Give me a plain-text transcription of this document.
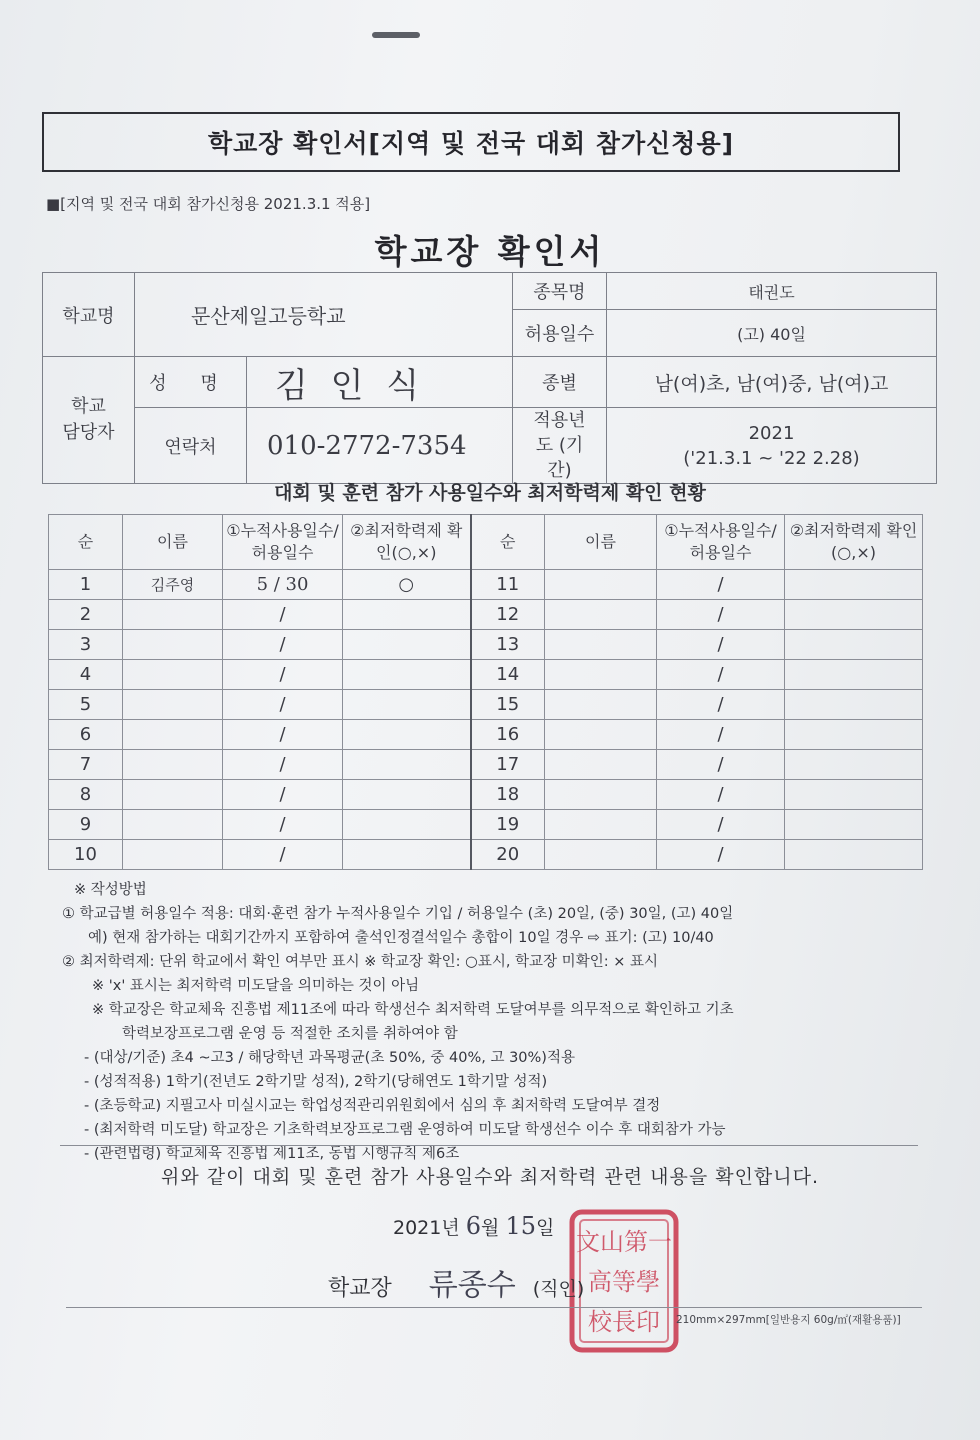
학교장 확인서[지역 및 전국 대회 참가신청용]
■[지역 및 전국 대회 참가신청용 2021.3.1 적용]
학교장 확인서
학교명	문산제일고등학교		종목명	태권도
			허용일수	(고) 40일
학교 담당자	성 명	김 인 식	종별	남(여)초, 남(여)중, 남(여)고
	연락처	010-2772-7354	적용년도 (기간)	2021
('21.3.1 ~ '22 2.28)
대회 및 훈련 참가 사용일수와 최저학력제 확인 현황
순	이름	①누적사용일수/허용일수	②최저학력제 확인(○,×)	순	이름	①누적사용일수/허용일수	②최저학력제 확인(○,×)
1	김주영	5 / 30	○	11		/	
2		/		12		/	
3		/		13		/	
4		/		14		/	
5		/		15		/	
6		/		16		/	
7		/		17		/	
8		/		18		/	
9		/		19		/	
10		/		20		/	
※ 작성방법
① 학교급별 허용일수 적용: 대회·훈련 참가 누적사용일수 기입 / 허용일수 (초) 20일, (중) 30일, (고) 40일
예) 현재 참가하는 대회기간까지 포함하여 출석인정결석일수 총합이 10일 경우 ⇨ 표기: (고) 10/40
② 최저학력제: 단위 학교에서 확인 여부만 표시 ※ 학교장 확인: ○표시, 학교장 미확인: × 표시
※ 'x' 표시는 최저학력 미도달을 의미하는 것이 아님
※ 학교장은 학교체육 진흥법 제11조에 따라 학생선수 최저학력 도달여부를 의무적으로 확인하고 기초
학력보장프로그램 운영 등 적절한 조치를 취하여야 함
- (대상/기준) 초4 ~고3 / 해당학년 과목평균(초 50%, 중 40%, 고 30%)적용
- (성적적용) 1학기(전년도 2학기말 성적), 2학기(당해연도 1학기말 성적)
- (초등학교) 지필고사 미실시교는 학업성적관리위원회에서 심의 후 최저학력 도달여부 결정
- (최저학력 미도달) 학교장은 기초학력보장프로그램 운영하여 미도달 학생선수 이수 후 대회참가 가능
- (관련법령) 학교체육 진흥법 제11조, 동법 시행규칙 제6조
위와 같이 대회 및 훈련 참가 사용일수와 최저학력 관련 내용을 확인합니다.
2021년 6월 15일 文山第一
高等學
校長印
학교장 류종수 (직인)
210mm×297mm[일반용지 60g/㎡(재활용품)]
